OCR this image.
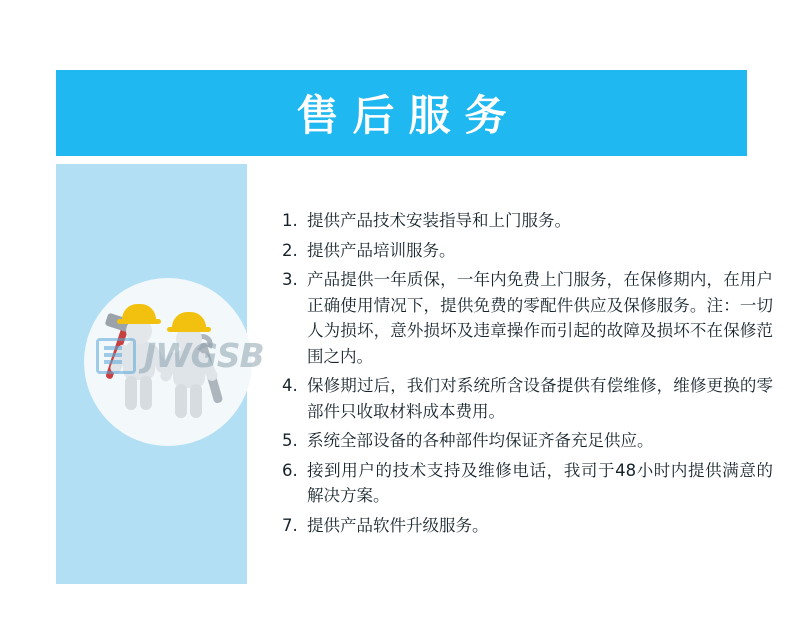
售后服务
1. 提供产品技术安装指导和上门服务。
2. 提供产品培训服务。
3. 产品提供一年质保，一年内免费上门服务，在保修期内，在用户正确使用情况下，提供免费的零配件供应及保修服务。注：一切人为损坏，意外损坏及违章操作而引起的故障及损坏不在保修范围之内。
4. 保修期过后，我们对系统所含设备提供有偿维修，维修更换的零部件只收取材料成本费用。
5. 系统全部设备的各种部件均保证齐备充足供应。
6. 接到用户的技术支持及维修电话，我司于48小时内提供满意的解决方案。
7. 提供产品软件升级服务。
JWGSB
